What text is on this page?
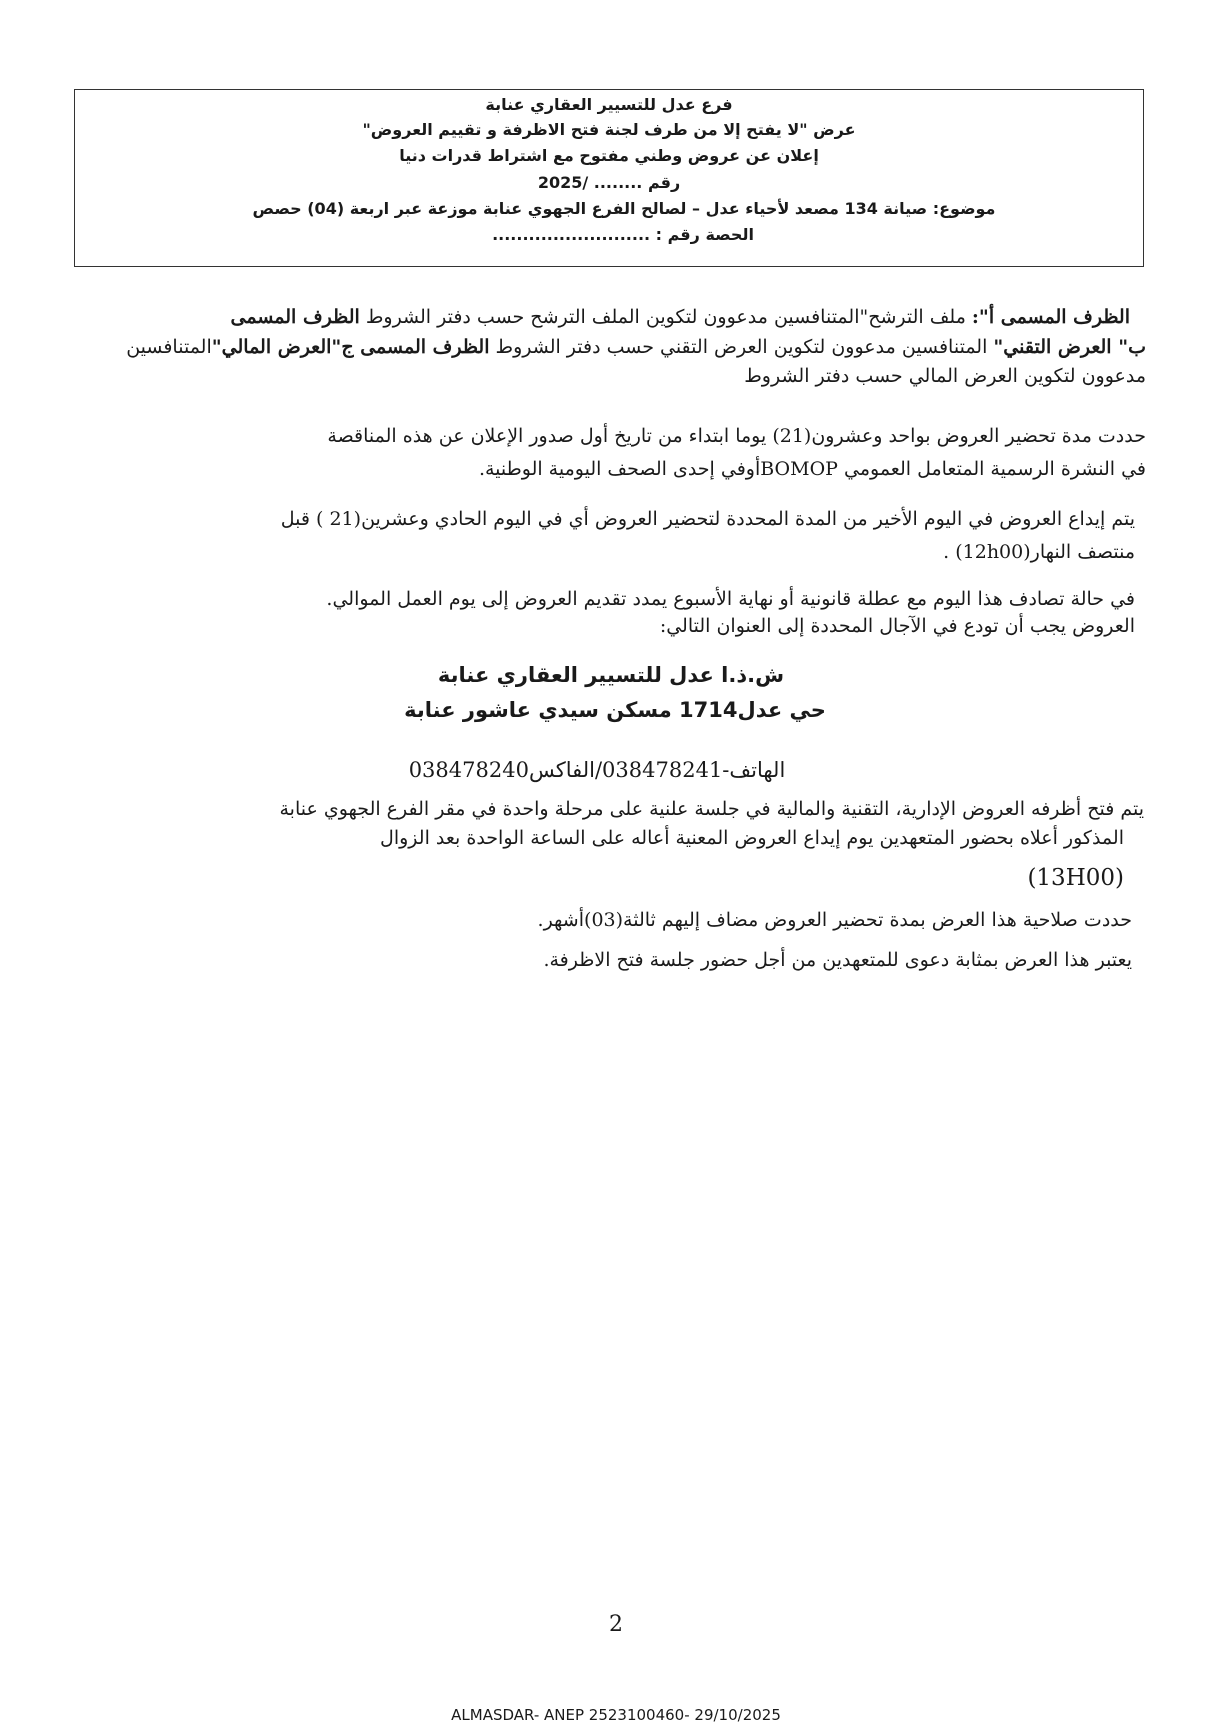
فرع عدل للتسيير العقاري عنابة
عرض "لا يفتح إلا من طرف لجنة فتح الاظرفة و تقييم العروض"
إعلان عن عروض وطني مفتوح مع اشتراط قدرات دنيا
رقم ........ /2025
موضوع: صيانة 134 مصعد لأحياء عدل – لصالح الفرع الجهوي عنابة موزعة عبر اربعة (04) حصص
الحصة رقم : ..........................
الظرف المسمى أ": ملف الترشح"المتنافسين مدعوون لتكوين الملف الترشح حسب دفتر الشروط الظرف المسمى
ب" العرض التقني" المتنافسين مدعوون لتكوين العرض التقني حسب دفتر الشروط الظرف المسمى ج"العرض المالي"المتنافسين
مدعوون لتكوين العرض المالي حسب دفتر الشروط
حددت مدة تحضير العروض بواحد وعشرون(21) يوما ابتداء من تاريخ أول صدور الإعلان عن هذه المناقصة
في النشرة الرسمية المتعامل العمومي BOMOPأوفي إحدى الصحف اليومية الوطنية.
يتم إيداع العروض في اليوم الأخير من المدة المحددة لتحضير العروض أي في اليوم الحادي وعشرين(21 ) قبل
منتصف النهار(12h00) .
في حالة تصادف هذا اليوم مع عطلة قانونية أو نهاية الأسبوع يمدد تقديم العروض إلى يوم العمل الموالي.
العروض يجب أن تودع في الآجال المحددة إلى العنوان التالي:
ش.ذ.ا عدل للتسيير العقاري عنابة
حي عدل1714 مسكن سيدي عاشور عنابة
الهاتف-038478241/الفاكس038478240
يتم فتح أظرفه العروض الإدارية، التقنية والمالية في جلسة علنية على مرحلة واحدة في مقر الفرع الجهوي عنابة
المذكور أعلاه بحضور المتعهدين يوم إيداع العروض المعنية أعاله على الساعة الواحدة بعد الزوال
(13H00)
حددت صلاحية هذا العرض بمدة تحضير العروض مضاف إليهم ثالثة(03)أشهر.
يعتبر هذا العرض بمثابة دعوى للمتعهدين من أجل حضور جلسة فتح الاظرفة.
2
ALMASDAR- ANEP 2523100460- 29/10/2025
